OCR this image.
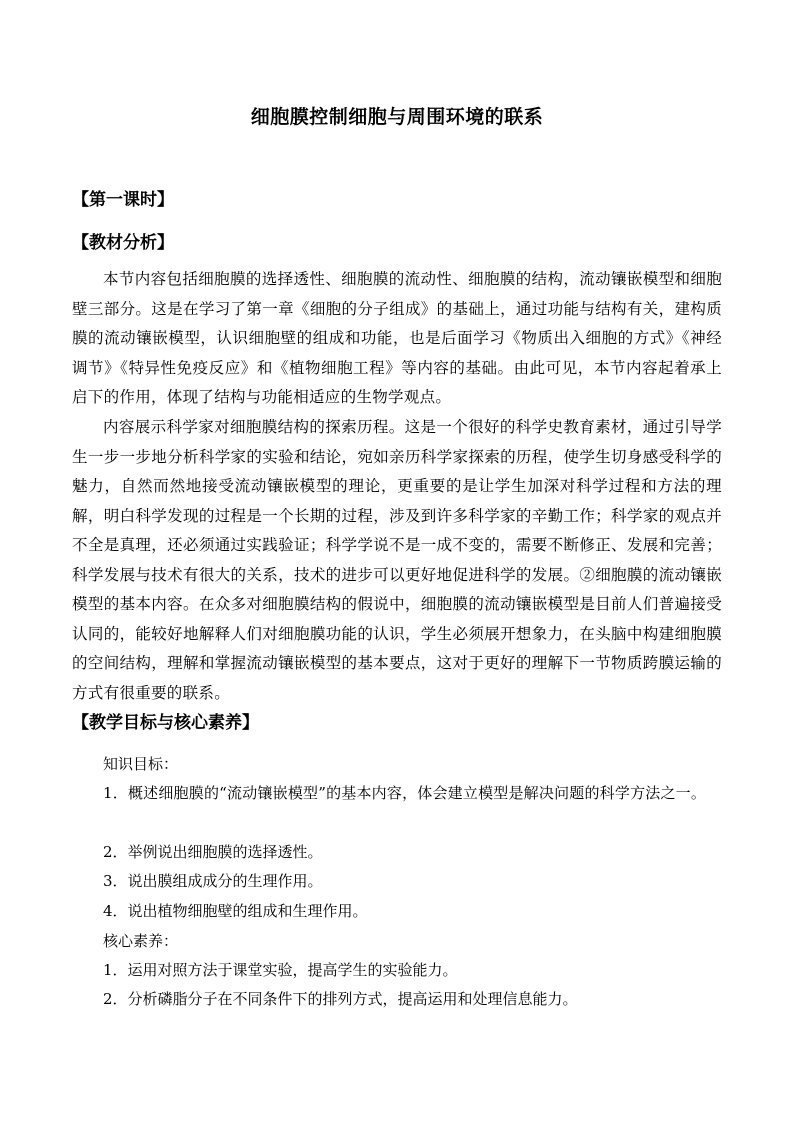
细胞膜控制细胞与周围环境的联系
【第一课时】
【教材分析】
本节内容包括细胞膜的选择透性、细胞膜的流动性、细胞膜的结构，流动镶嵌模型和细胞壁三部分。这是在学习了第一章《细胞的分子组成》的基础上，通过功能与结构有关，建构质膜的流动镶嵌模型，认识细胞壁的组成和功能，也是后面学习《物质出入细胞的方式》《神经调节》《特异性免疫反应》和《植物细胞工程》等内容的基础。由此可见，本节内容起着承上启下的作用，体现了结构与功能相适应的生物学观点。
内容展示科学家对细胞膜结构的探索历程。这是一个很好的科学史教育素材，通过引导学生一步一步地分析科学家的实验和结论，宛如亲历科学家探索的历程，使学生切身感受科学的魅力，自然而然地接受流动镶嵌模型的理论，更重要的是让学生加深对科学过程和方法的理解，明白科学发现的过程是一个长期的过程，涉及到许多科学家的辛勤工作；科学家的观点并不全是真理，还必须通过实践验证；科学学说不是一成不变的，需要不断修正、发展和完善；科学发展与技术有很大的关系，技术的进步可以更好地促进科学的发展。②细胞膜的流动镶嵌模型的基本内容。在众多对细胞膜结构的假说中，细胞膜的流动镶嵌模型是目前人们普遍接受认同的，能较好地解释人们对细胞膜功能的认识，学生必须展开想象力，在头脑中构建细胞膜的空间结构，理解和掌握流动镶嵌模型的基本要点，这对于更好的理解下一节物质跨膜运输的方式有很重要的联系。
【教学目标与核心素养】
知识目标：
1．概述细胞膜的“流动镶嵌模型”的基本内容，体会建立模型是解决问题的科学方法之一。
2．举例说出细胞膜的选择透性。
3．说出膜组成成分的生理作用。
4．说出植物细胞壁的组成和生理作用。
核心素养：
1．运用对照方法于课堂实验，提高学生的实验能力。
2．分析磷脂分子在不同条件下的排列方式，提高运用和处理信息能力。
